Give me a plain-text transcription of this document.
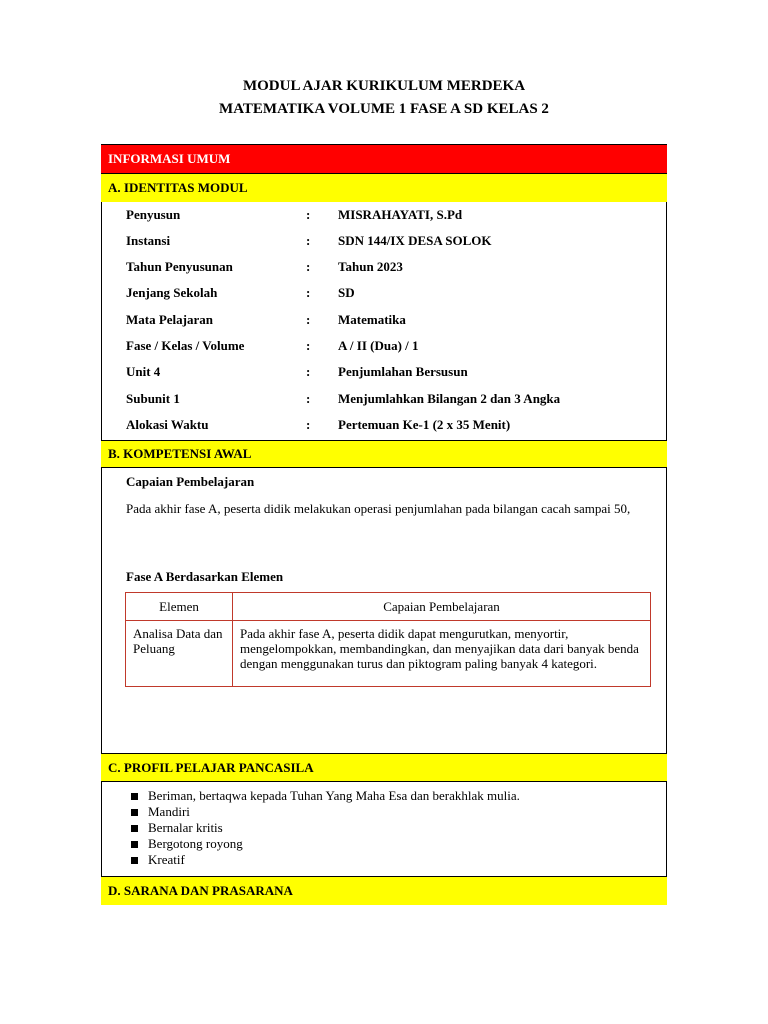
MODUL AJAR KURIKULUM MERDEKA
MATEMATIKA VOLUME 1 FASE A SD KELAS 2
INFORMASI UMUM
A. IDENTITAS MODUL
Penyusun	: MISRAHAYATI, S.Pd
Instansi	: SDN 144/IX DESA SOLOK
Tahun Penyusunan	: Tahun 2023
Jenjang Sekolah	: SD
Mata Pelajaran	: Matematika
Fase / Kelas / Volume	: A / II (Dua) / 1
Unit 4	: Penjumlahan Bersusun
Subunit 1	: Menjumlahkan Bilangan 2 dan 3 Angka
Alokasi Waktu	: Pertemuan Ke-1 (2 x 35 Menit)
B. KOMPETENSI AWAL
Capaian Pembelajaran
Pada akhir fase A, peserta didik melakukan operasi penjumlahan pada bilangan cacah sampai 50,
Fase A Berdasarkan Elemen
Elemen	Capaian Pembelajaran
Analisa Data dan Peluang	Pada akhir fase A, peserta didik dapat mengurutkan, menyortir, mengelompokkan, membandingkan, dan menyajikan data dari banyak benda dengan menggunakan turus dan piktogram paling banyak 4 kategori.
C. PROFIL PELAJAR PANCASILA
Beriman, bertaqwa kepada Tuhan Yang Maha Esa dan berakhlak mulia.
Mandiri
Bernalar kritis
Bergotong royong
Kreatif
D. SARANA DAN PRASARANA
